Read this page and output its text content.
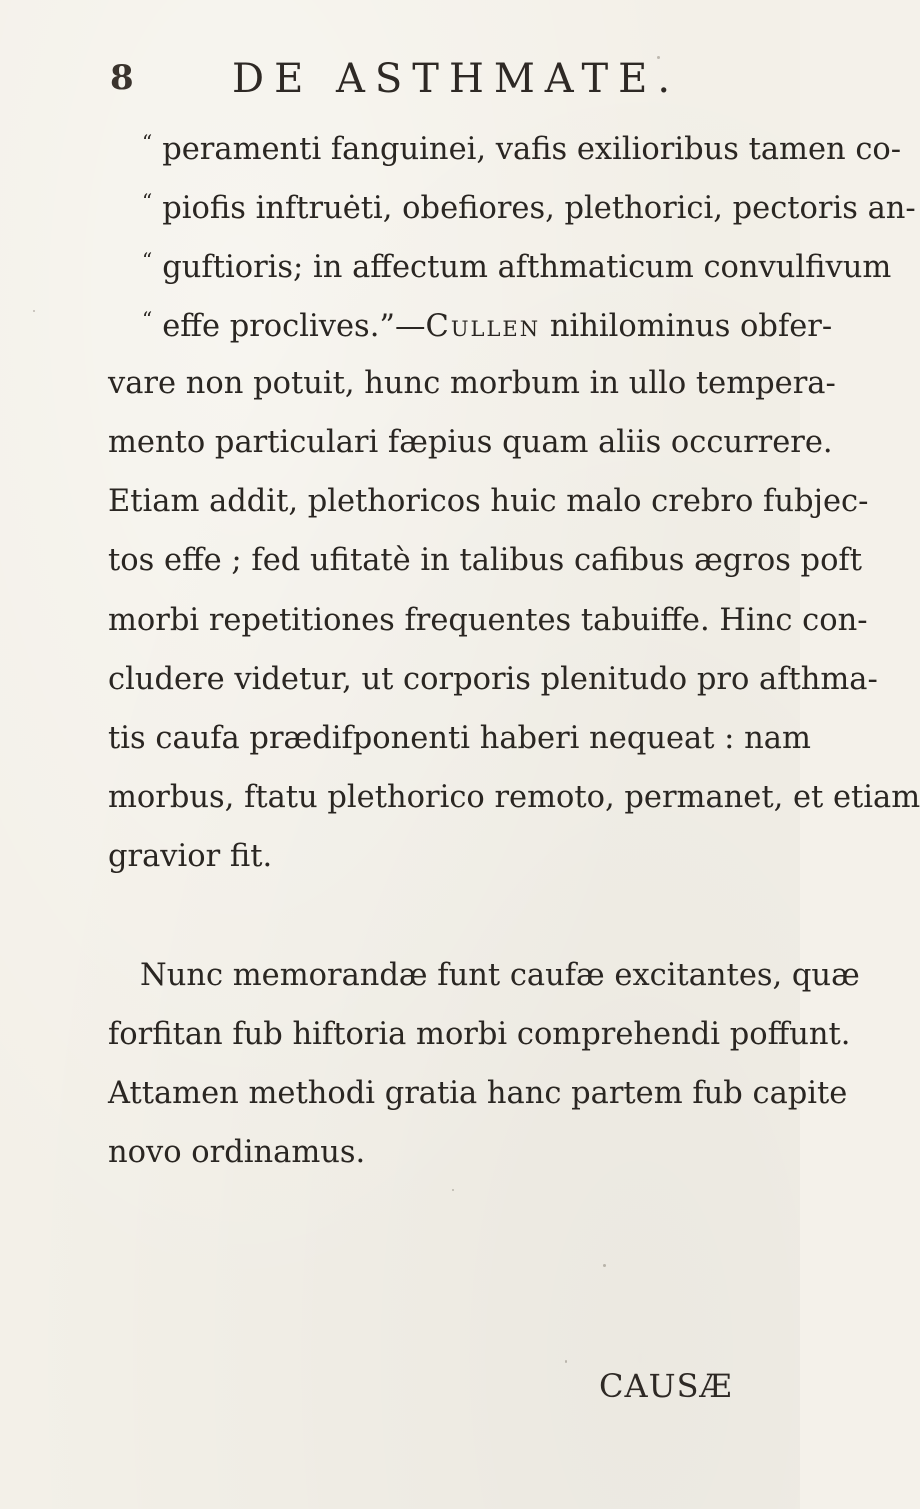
8 DE ASTHMATE.
“ peramenti fanguinei, vafis exilioribus tamen co-
“ piofis inftruėti, obefiores, plethorici, pectoris an-
“ guftioris; in affectum afthmaticum convulfivum
“ effe proclives.”—Cullen nihilominus obfer-
vare non potuit, hunc morbum in ullo tempera-
mento particulari fæpius quam aliis occurrere.
Etiam addit, plethoricos huic malo crebro fubjec-
tos effe ; fed ufitatè in talibus cafibus ægros poft
morbi repetitiones frequentes tabuiffe. Hinc con-
cludere videtur, ut corporis plenitudo pro afthma-
tis caufa prædifponenti haberi nequeat : nam
morbus, ftatu plethorico remoto, permanet, et etiam
gravior fit.
Nunc memorandæ funt caufæ excitantes, quæ
forfitan fub hiftoria morbi comprehendi poffunt.
Attamen methodi gratia hanc partem fub capite
novo ordinamus.
CAUSÆ
